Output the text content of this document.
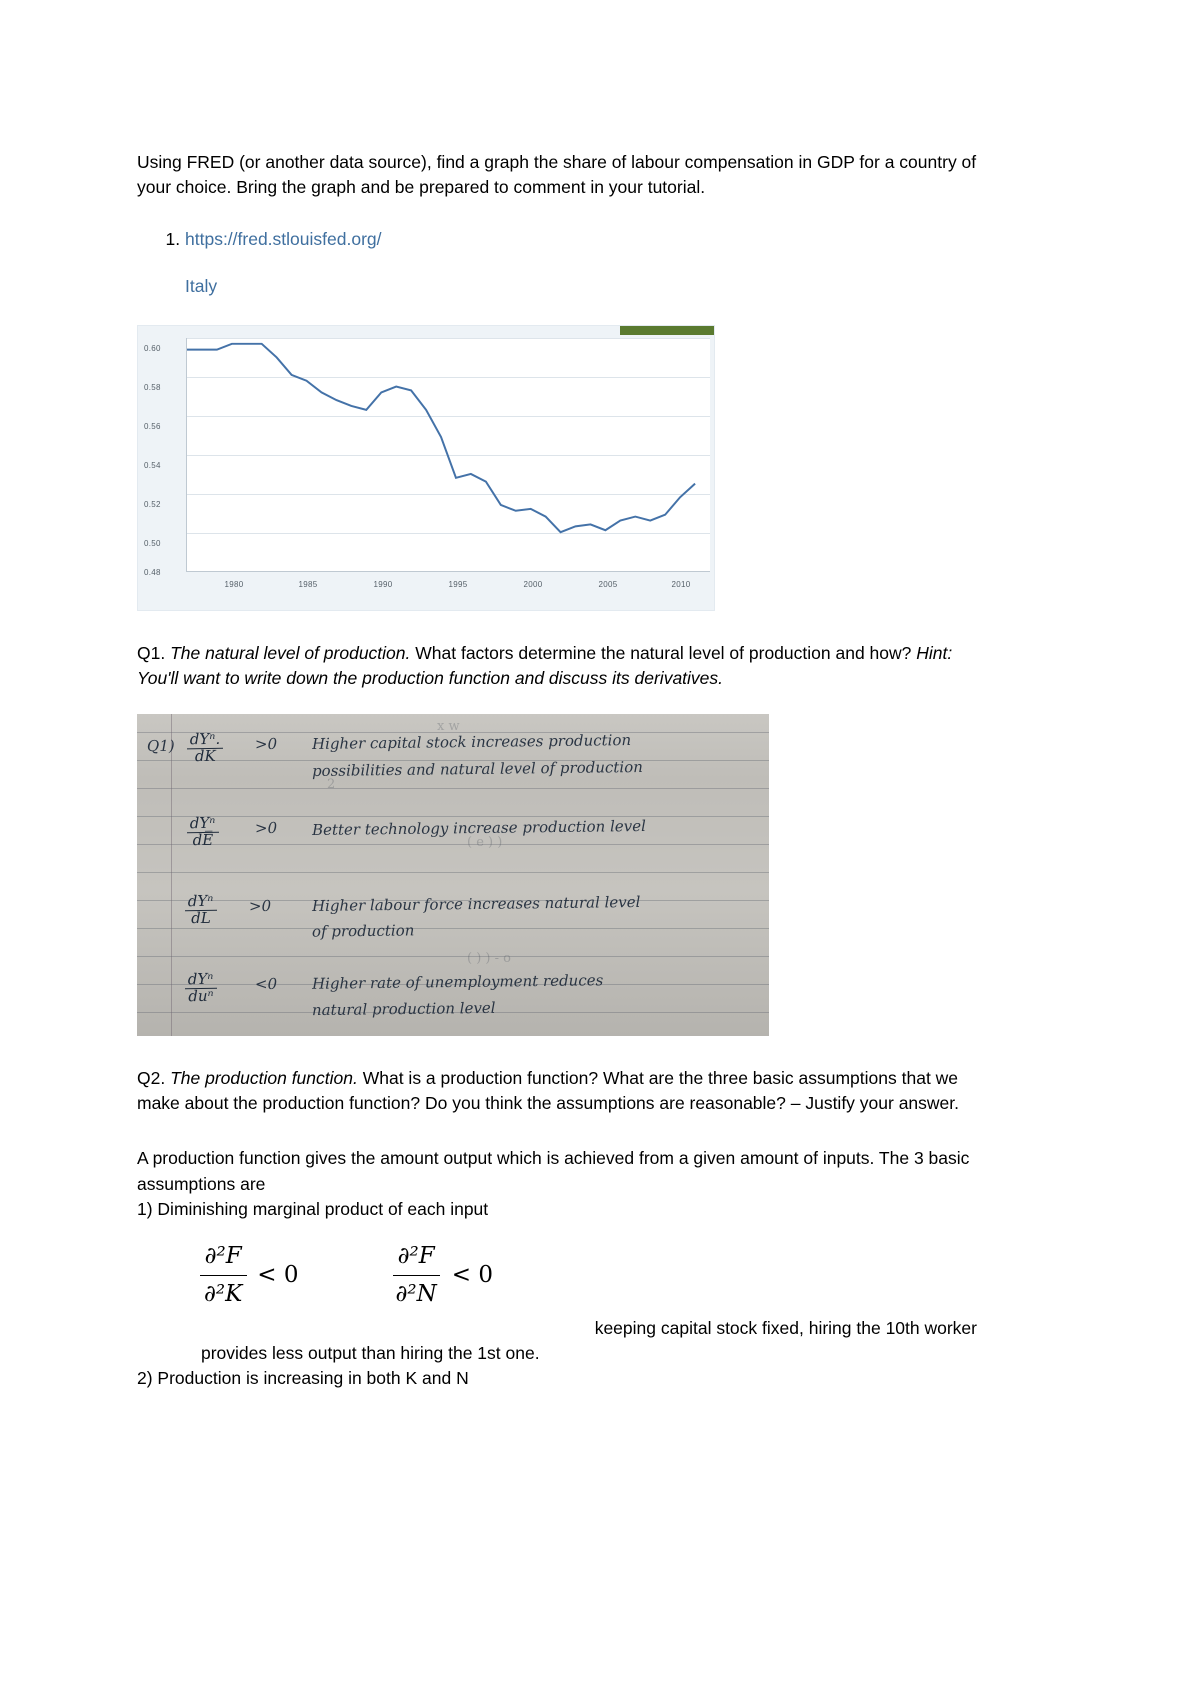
Using FRED (or another data source), find a graph the share of labour compensation in GDP for a country of your choice. Bring the graph and be prepared to comment in your tutorial.

1. https://fred.stlouisfed.org/
Italy
0.60
0.58
0.56
0.54
0.52
0.50
0.48
1980	1985	1990	1995	2000	2005	2010

Q1. The natural level of production. What factors determine the natural level of production and how? Hint: You'll want to write down the production function and discuss its derivatives.

x w
2
( e ) )
( ) ) - o
Q1) dYⁿ.
dK
>0 Higher capital stock increases production
possibilities and natural level of production
dYⁿ
dE̅
>0 Better technology increase production level
dYⁿ
dL
>0	Higher labour force increases natural level
of production
dYⁿ
duⁿ
<0 Higher rate of unemployment reduces
natural production level

Q2. The production function. What is a production function? What are the three basic assumptions that we make about the production function? Do you think the assumptions are reasonable? – Justify your answer.

A production function gives the amount output which is achieved from a given amount of inputs. The 3 basic assumptions are
1) Diminishing marginal product of each input

$\frac{\text{∂²F}}{\text{∂²K}} < 0$	$\frac{\text{∂²F}}{\text{∂²N}} < 0$
keeping capital stock fixed, hiring the 10th worker
provides less output than hiring the 1st one.
2) Production is increasing in both K and N
